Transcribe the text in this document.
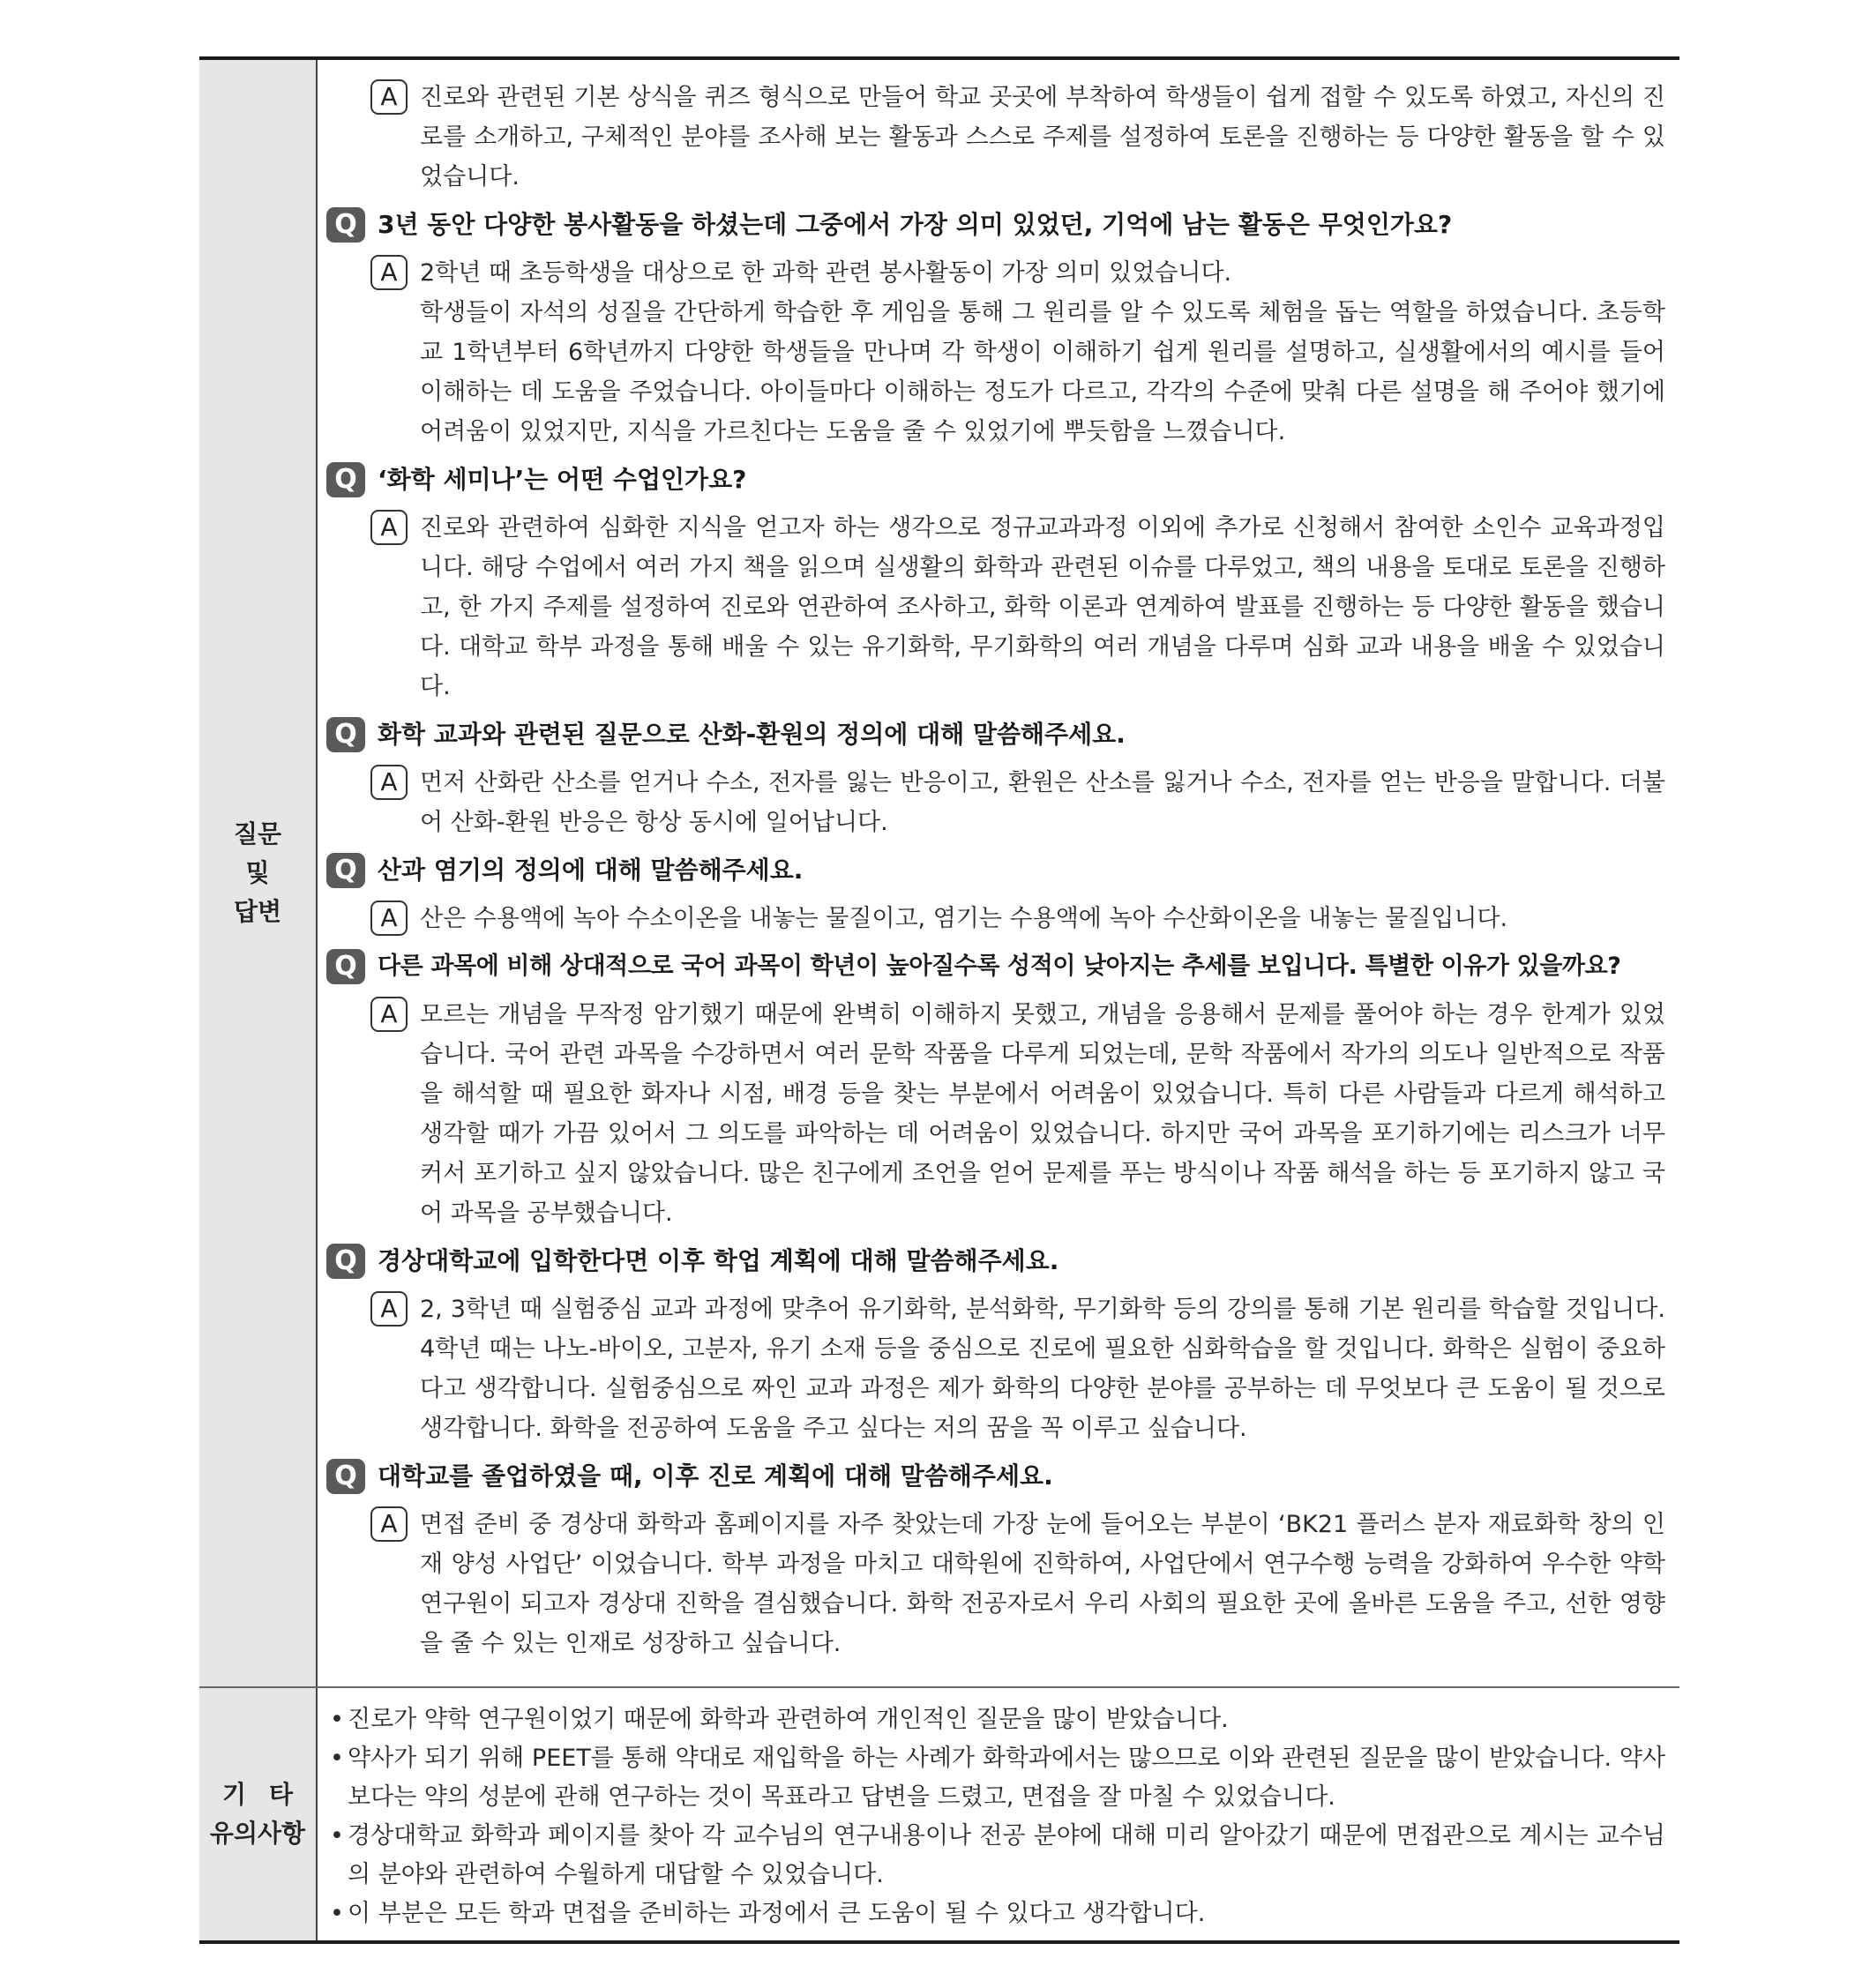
질문
및
답변
A 진로와 관련된 기본 상식을 퀴즈 형식으로 만들어 학교 곳곳에 부착하여 학생들이 쉽게 접할 수 있도록 하였고, 자신의 진로를 소개하고, 구체적인 분야를 조사해 보는 활동과 스스로 주제를 설정하여 토론을 진행하는 등 다양한 활동을 할 수 있었습니다.

Q 3년 동안 다양한 봉사활동을 하셨는데 그중에서 가장 의미 있었던, 기억에 남는 활동은 무엇인가요?
A 2학년 때 초등학생을 대상으로 한 과학 관련 봉사활동이 가장 의미 있었습니다.

학생들이 자석의 성질을 간단하게 학습한 후 게임을 통해 그 원리를 알 수 있도록 체험을 돕는 역할을 하였습니다. 초등학교 1학년부터 6학년까지 다양한 학생들을 만나며 각 학생이 이해하기 쉽게 원리를 설명하고, 실생활에서의 예시를 들어 이해하는 데 도움을 주었습니다. 아이들마다 이해하는 정도가 다르고, 각각의 수준에 맞춰 다른 설명을 해 주어야 했기에 어려움이 있었지만, 지식을 가르친다는 도움을 줄 수 있었기에 뿌듯함을 느꼈습니다.

Q ‘화학 세미나’는 어떤 수업인가요?
A 진로와 관련하여 심화한 지식을 얻고자 하는 생각으로 정규교과과정 이외에 추가로 신청해서 참여한 소인수 교육과정입니다. 해당 수업에서 여러 가지 책을 읽으며 실생활의 화학과 관련된 이슈를 다루었고, 책의 내용을 토대로 토론을 진행하고, 한 가지 주제를 설정하여 진로와 연관하여 조사하고, 화학 이론과 연계하여 발표를 진행하는 등 다양한 활동을 했습니다. 대학교 학부 과정을 통해 배울 수 있는 유기화학, 무기화학의 여러 개념을 다루며 심화 교과 내용을 배울 수 있었습니다.

Q 화학 교과와 관련된 질문으로 산화-환원의 정의에 대해 말씀해주세요.
A 먼저 산화란 산소를 얻거나 수소, 전자를 잃는 반응이고, 환원은 산소를 잃거나 수소, 전자를 얻는 반응을 말합니다. 더불어 산화-환원 반응은 항상 동시에 일어납니다.

Q 산과 염기의 정의에 대해 말씀해주세요.
A 산은 수용액에 녹아 수소이온을 내놓는 물질이고, 염기는 수용액에 녹아 수산화이온을 내놓는 물질입니다.

Q 다른 과목에 비해 상대적으로 국어 과목이 학년이 높아질수록 성적이 낮아지는 추세를 보입니다. 특별한 이유가 있을까요?
A 모르는 개념을 무작정 암기했기 때문에 완벽히 이해하지 못했고, 개념을 응용해서 문제를 풀어야 하는 경우 한계가 있었습니다. 국어 관련 과목을 수강하면서 여러 문학 작품을 다루게 되었는데, 문학 작품에서 작가의 의도나 일반적으로 작품을 해석할 때 필요한 화자나 시점, 배경 등을 찾는 부분에서 어려움이 있었습니다. 특히 다른 사람들과 다르게 해석하고 생각할 때가 가끔 있어서 그 의도를 파악하는 데 어려움이 있었습니다. 하지만 국어 과목을 포기하기에는 리스크가 너무 커서 포기하고 싶지 않았습니다. 많은 친구에게 조언을 얻어 문제를 푸는 방식이나 작품 해석을 하는 등 포기하지 않고 국어 과목을 공부했습니다.

Q 경상대학교에 입학한다면 이후 학업 계획에 대해 말씀해주세요.
A 2, 3학년 때 실험중심 교과 과정에 맞추어 유기화학, 분석화학, 무기화학 등의 강의를 통해 기본 원리를 학습할 것입니다. 4학년 때는 나노-바이오, 고분자, 유기 소재 등을 중심으로 진로에 필요한 심화학습을 할 것입니다. 화학은 실험이 중요하다고 생각합니다. 실험중심으로 짜인 교과 과정은 제가 화학의 다양한 분야를 공부하는 데 무엇보다 큰 도움이 될 것으로 생각합니다. 화학을 전공하여 도움을 주고 싶다는 저의 꿈을 꼭 이루고 싶습니다.

Q 대학교를 졸업하였을 때, 이후 진로 계획에 대해 말씀해주세요.
A 면접 준비 중 경상대 화학과 홈페이지를 자주 찾았는데 가장 눈에 들어오는 부분이 ‘BK21 플러스 분자 재료화학 창의 인재 양성 사업단’ 이었습니다. 학부 과정을 마치고 대학원에 진학하여, 사업단에서 연구수행 능력을 강화하여 우수한 약학 연구원이 되고자 경상대 진학을 결심했습니다. 화학 전공자로서 우리 사회의 필요한 곳에 올바른 도움을 주고, 선한 영향을 줄 수 있는 인재로 성장하고 싶습니다.

기타
유의사항
• 진로가 약학 연구원이었기 때문에 화학과 관련하여 개인적인 질문을 많이 받았습니다.
• 약사가 되기 위해 PEET를 통해 약대로 재입학을 하는 사례가 화학과에서는 많으므로 이와 관련된 질문을 많이 받았습니다. 약사보다는 약의 성분에 관해 연구하는 것이 목표라고 답변을 드렸고, 면접을 잘 마칠 수 있었습니다.
• 경상대학교 화학과 페이지를 찾아 각 교수님의 연구내용이나 전공 분야에 대해 미리 알아갔기 때문에 면접관으로 계시는 교수님의 분야와 관련하여 수월하게 대답할 수 있었습니다.
• 이 부분은 모든 학과 면접을 준비하는 과정에서 큰 도움이 될 수 있다고 생각합니다.
